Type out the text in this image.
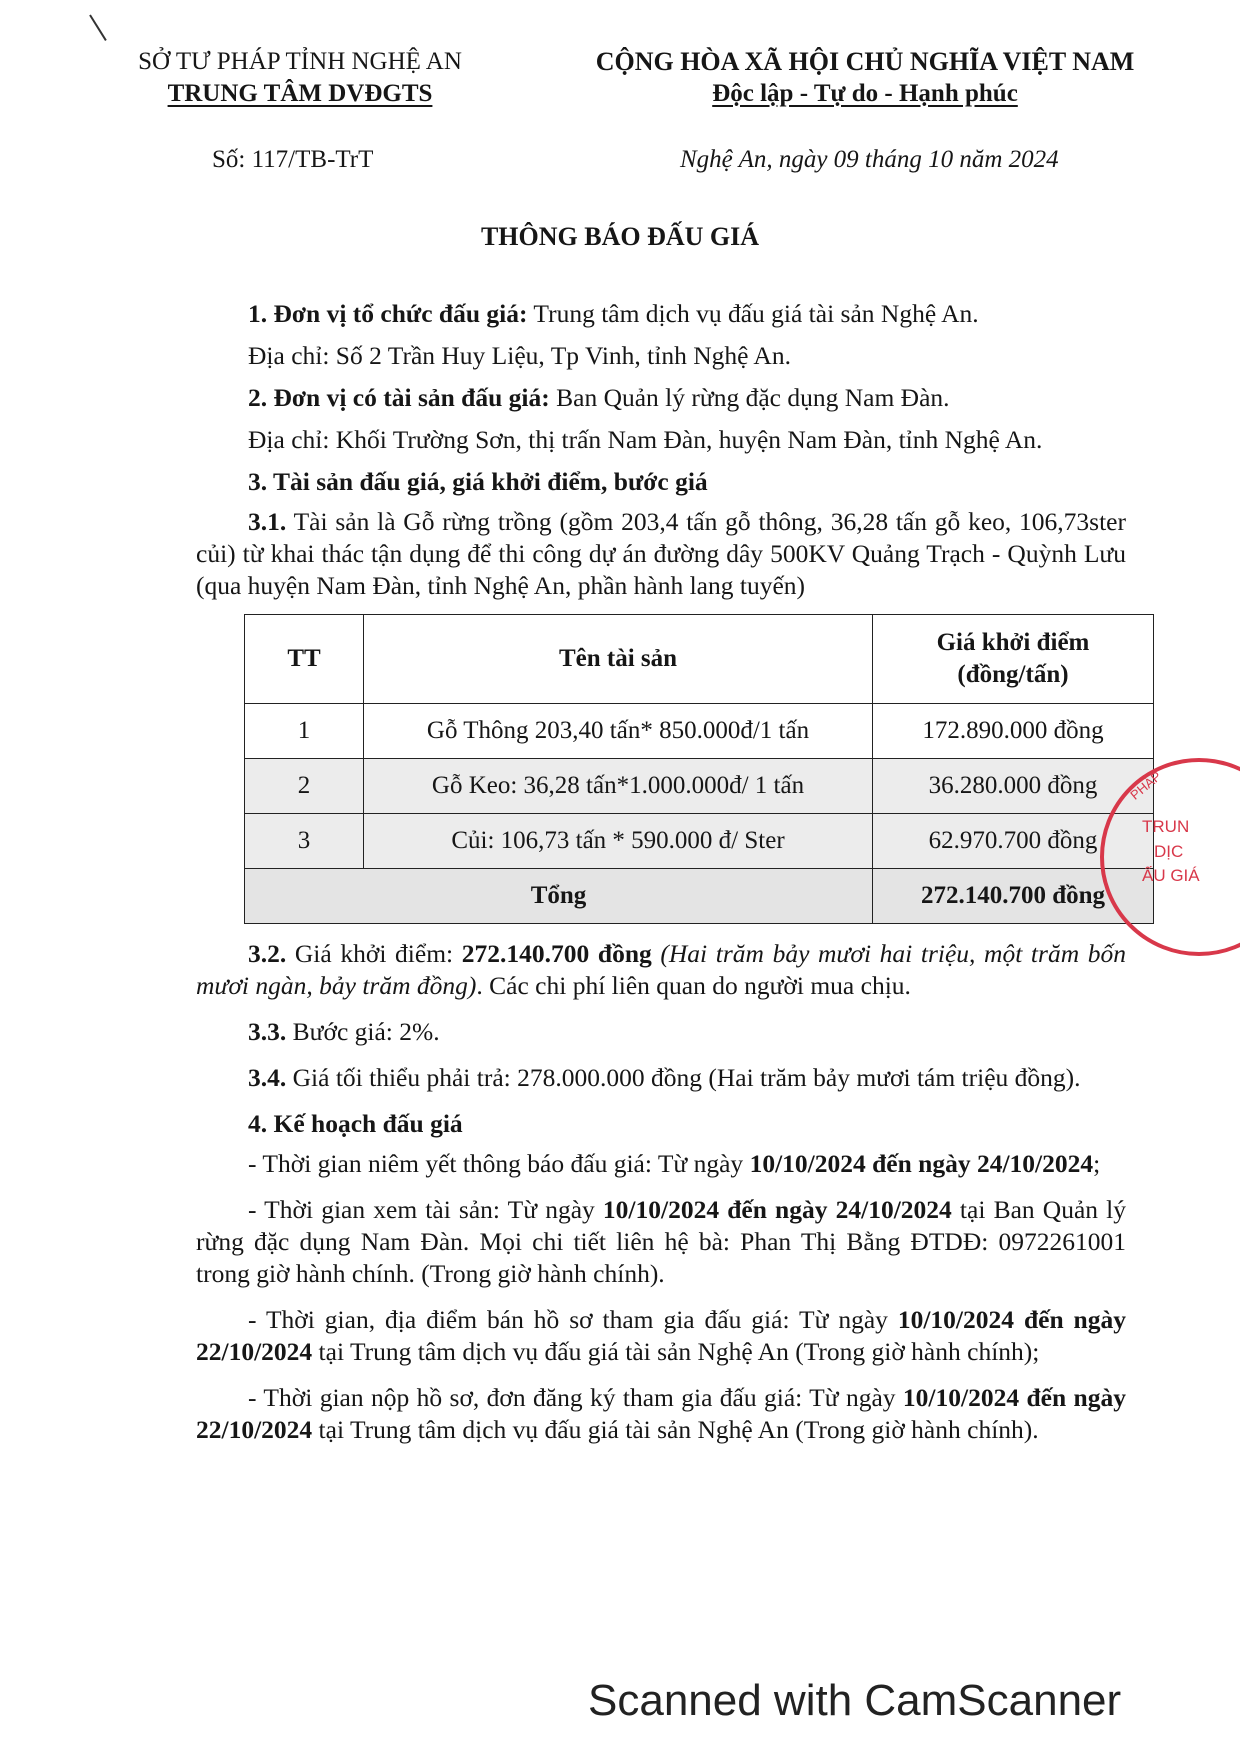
SỞ TƯ PHÁP TỈNH NGHỆ AN
TRUNG TÂM DVĐGTS
CỘNG HÒA XÃ HỘI CHỦ NGHĨA VIỆT NAM
Độc lập - Tự do - Hạnh phúc
Số: 117/TB-TrT	Nghệ An, ngày 09 tháng 10 năm 2024
THÔNG BÁO ĐẤU GIÁ

1. Đơn vị tổ chức đấu giá: Trung tâm dịch vụ đấu giá tài sản Nghệ An.

Địa chỉ: Số 2 Trần Huy Liệu, Tp Vinh, tỉnh Nghệ An.

2. Đơn vị có tài sản đấu giá: Ban Quản lý rừng đặc dụng Nam Đàn.

Địa chỉ: Khối Trường Sơn, thị trấn Nam Đàn, huyện Nam Đàn, tỉnh Nghệ An.

3. Tài sản đấu giá, giá khởi điểm, bước giá

3.1. Tài sản là Gỗ rừng trồng (gồm 203,4 tấn gỗ thông, 36,28 tấn gỗ keo, 106,73ster củi) từ khai thác tận dụng để thi công dự án đường dây 500KV Quảng Trạch - Quỳnh Lưu (qua huyện Nam Đàn, tỉnh Nghệ An, phần hành lang tuyến)

TT	Tên tài sản	Giá khởi điểm
(đồng/tấn)

1	Gỗ Thông 203,40 tấn* 850.000đ/1 tấn	172.890.000 đồng
2	Gỗ Keo: 36,28 tấn*1.000.000đ/ 1 tấn	36.280.000 đồng
3	Củi: 106,73 tấn * 590.000 đ/ Ster	62.970.700 đồng
Tổng		272.140.700 đồng

3.2. Giá khởi điểm: 272.140.700 đồng (Hai trăm bảy mươi hai triệu, một trăm bốn mươi ngàn, bảy trăm đồng). Các chi phí liên quan do người mua chịu.

3.3. Bước giá: 2%.

3.4. Giá tối thiểu phải trả: 278.000.000 đồng (Hai trăm bảy mươi tám triệu đồng).

4. Kế hoạch đấu giá

- Thời gian niêm yết thông báo đấu giá: Từ ngày 10/10/2024 đến ngày 24/10/2024;

- Thời gian xem tài sản: Từ ngày 10/10/2024 đến ngày 24/10/2024 tại Ban Quản lý rừng đặc dụng Nam Đàn. Mọi chi tiết liên hệ bà: Phan Thị Bằng ĐTDĐ: 0972261001 trong giờ hành chính. (Trong giờ hành chính).

- Thời gian, địa điểm bán hồ sơ tham gia đấu giá: Từ ngày 10/10/2024 đến ngày 22/10/2024 tại Trung tâm dịch vụ đấu giá tài sản Nghệ An (Trong giờ hành chính);

- Thời gian nộp hồ sơ, đơn đăng ký tham gia đấu giá: Từ ngày 10/10/2024 đến ngày 22/10/2024 tại Trung tâm dịch vụ đấu giá tài sản Nghệ An (Trong giờ hành chính).

PHÁP
TRUN
DỊC
ẤU GIÁ
Scanned with CamScanner
